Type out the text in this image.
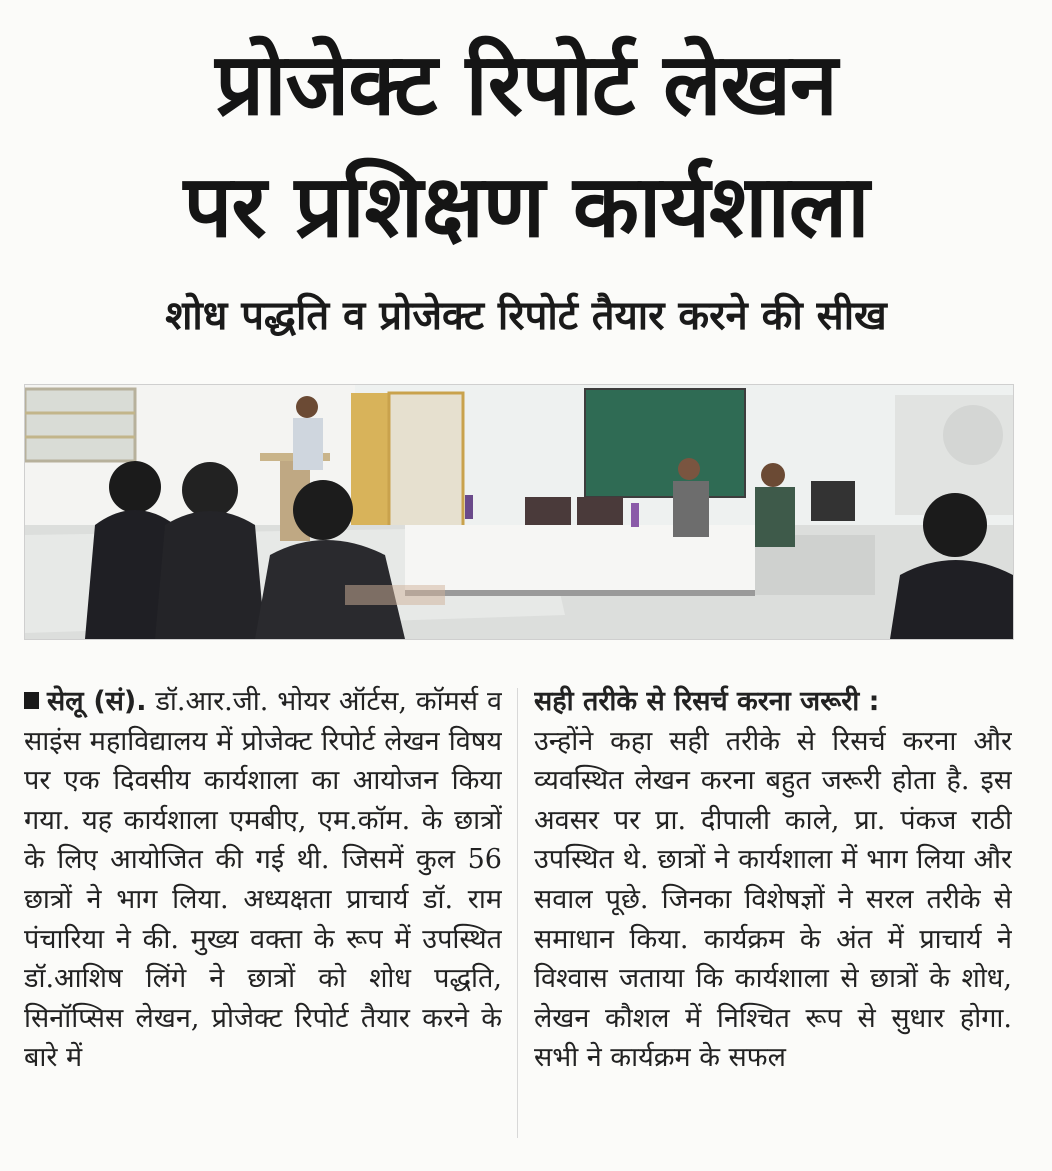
प्रोजेक्ट रिपोर्ट लेखन
पर प्रशिक्षण कार्यशाला
शोध पद्धति व प्रोजेक्ट रिपोर्ट तैयार करने की सीख

सेलू (सं). डॉ.आर.जी. भोयर ऑर्टस, कॉमर्स व साइंस महाविद्यालय में प्रोजेक्ट रिपोर्ट लेखन विषय पर एक दिवसीय कार्यशाला का आयोजन किया गया. यह कार्यशाला एमबीए, एम.कॉम. के छात्रों के लिए आयोजित की गई थी. जिसमें कुल 56 छात्रों ने भाग लिया. अध्यक्षता प्राचार्य डॉ. राम पंचारिया ने की. मुख्य वक्ता के रूप में उपस्थित डॉ.आशिष लिंगे ने छात्रों को शोध पद्धति, सिनॉप्सिस लेखन, प्रोजेक्ट रिपोर्ट तैयार करने के बारे में

सही तरीके से रिसर्च करना जरूरी :
उन्होंने कहा सही तरीके से रिसर्च करना और व्यवस्थित लेखन करना बहुत जरूरी होता है. इस अवसर पर प्रा. दीपाली काले, प्रा. पंकज राठी उपस्थित थे. छात्रों ने कार्यशाला में भाग लिया और सवाल पूछे. जिनका विशेषज्ञों ने सरल तरीके से समाधान किया. कार्यक्रम के अंत में प्राचार्य ने विश्वास जताया कि कार्यशाला से छात्रों के शोध, लेखन कौशल में निश्चित रूप से सुधार होगा. सभी ने कार्यक्रम के सफल
